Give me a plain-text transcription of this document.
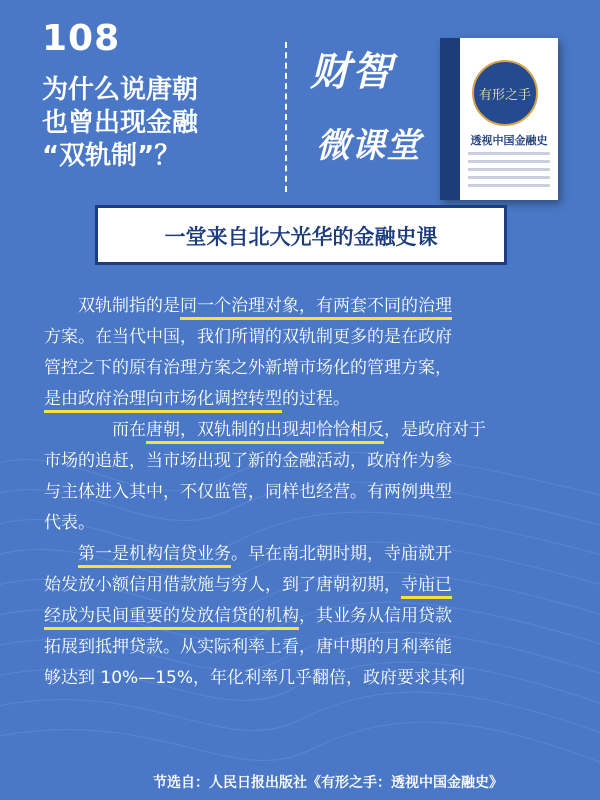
108
为什么说唐朝
也曾出现金融
“双轨制”？
财智
微课堂
有形之手
透视中国金融史
一堂来自北大光华的金融史课

双轨制指的是同一个治理对象，有两套不同的治理
方案。在当代中国，我们所谓的双轨制更多的是在政府
管控之下的原有治理方案之外新增市场化的管理方案，
是由政府治理向市场化调控转型的过程。

而在唐朝，双轨制的出现却恰恰相反，是政府对于
市场的追赶，当市场出现了新的金融活动，政府作为参
与主体进入其中，不仅监管，同样也经营。有两例典型
代表。

第一是机构信贷业务。早在南北朝时期，寺庙就开
始发放小额信用借款施与穷人，到了唐朝初期，寺庙已
经成为民间重要的发放信贷的机构，其业务从信用贷款
拓展到抵押贷款。从实际利率上看，唐中期的月利率能
够达到 10%—15%，年化利率几乎翻倍，政府要求其利

节选自：人民日报出版社《有形之手：透视中国金融史》
